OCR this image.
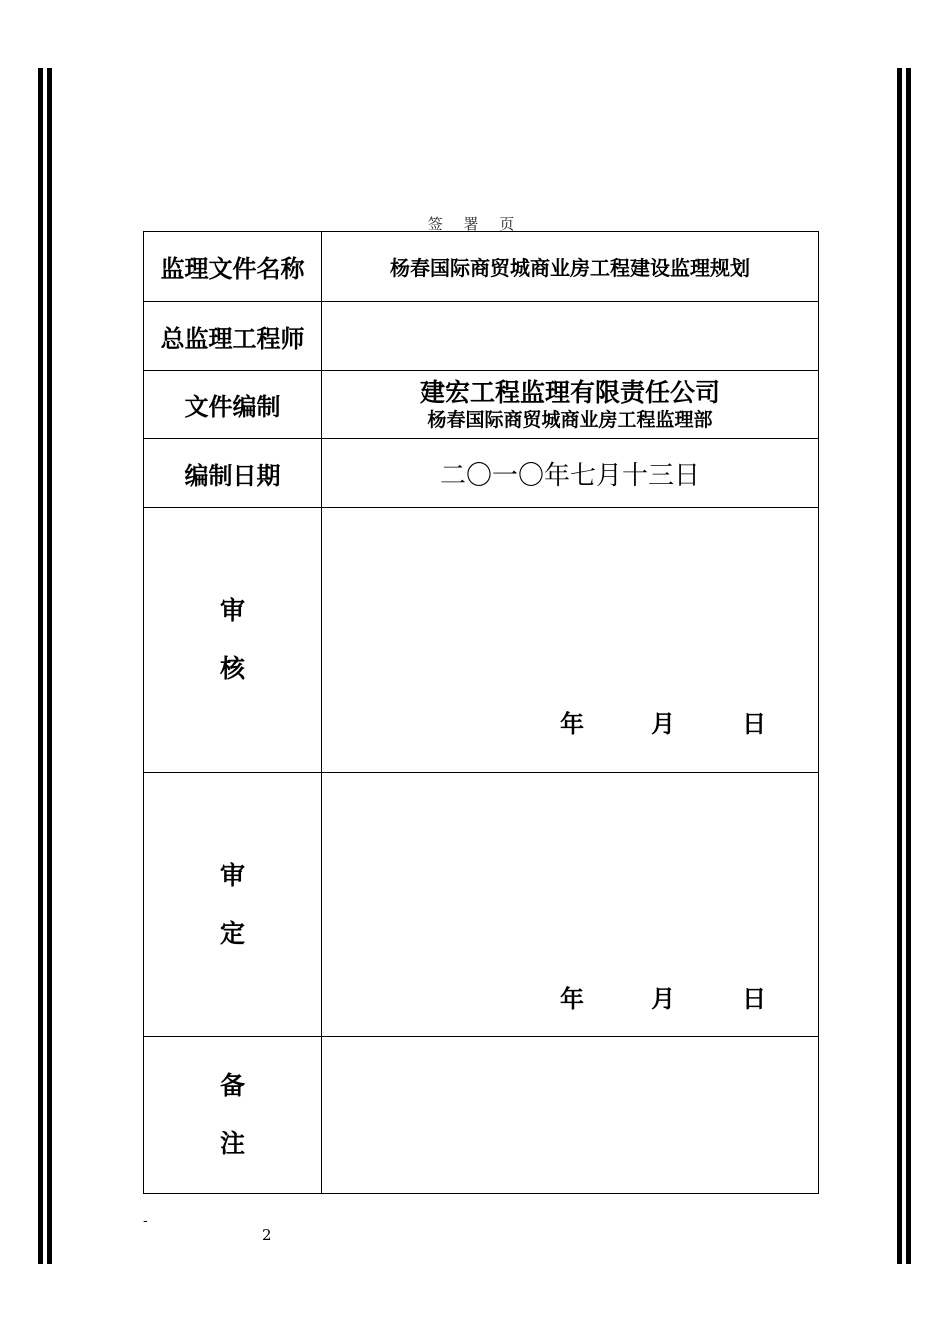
签 署 页
监理文件名称	杨春国际商贸城商业房工程建设监理规划
总监理工程师	
文件编制	建宏工程监理有限责任公司
杨春国际商贸城商业房工程监理部

编制日期	二〇一〇年七月十三日

审
核	年   月   日

审
定	年   月   日

备
注	

-
2
